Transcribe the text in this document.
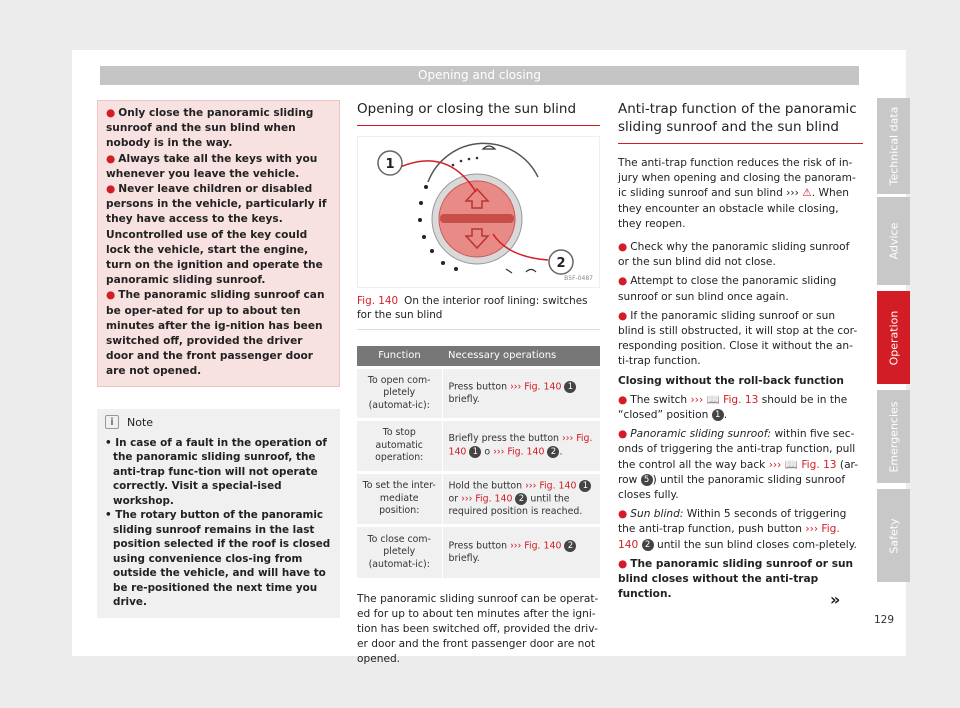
Opening and closing

● Only close the panoramic sliding sunroof and the sun blind when nobody is in the way.

● Always take all the keys with you whenever you leave the vehicle.

● Never leave children or disabled persons in the vehicle, particularly if they have access to the keys. Uncontrolled use of the key could lock the vehicle, start the engine, turn on the ignition and operate the panoramic sliding sunroof.

● The panoramic sliding sunroof can be oper-ated for up to about ten minutes after the ig-nition has been switched off, provided the driver door and the front passenger door are not opened.

i	Note

• In case of a fault in the operation of the panoramic sliding sunroof, the anti-trap func-tion will not operate correctly. Visit a special-ised workshop.

• The rotary button of the panoramic sliding sunroof remains in the last position selected if the roof is closed using convenience clos-ing from outside the vehicle, and will have to be re-positioned the next time you drive.

Opening or closing the sun blind
1
2
B5F-0487
Fig. 140 On the interior roof lining: switches for the sun blind
Function	Necessary operations
To open com-pletely (automat-ic):	Press button ››› Fig. 140 1 briefly.
To stop automatic operation:	Briefly press the button ››› Fig. 140 1 o ››› Fig. 140 2 .
To set the inter-mediate position:	Hold the button ››› Fig. 140 1 or ››› Fig. 140 2 until the required position is reached.
To close com-pletely (automat-ic):	Press button ››› Fig. 140 2 briefly.

The panoramic sliding sunroof can be operat-ed for up to about ten minutes after the igni-tion has been switched off, provided the driv-er door and the front passenger door are not opened.

Anti-trap function of the panoramic sliding sunroof and the sun blind

The anti-trap function reduces the risk of in-jury when opening and closing the panoram-ic sliding sunroof and sun blind ››› ⚠. When they encounter an obstacle while closing, they reopen.

● Check why the panoramic sliding sunroof or the sun blind did not close.

● Attempt to close the panoramic sliding sunroof or sun blind once again.

● If the panoramic sliding sunroof or sun blind is still obstructed, it will stop at the cor-responding position. Close it without the an-ti-trap function.

Closing without the roll-back function

● The switch ››› 📖 Fig. 13 should be in the “closed” position 1 .

● Panoramic sliding sunroof: within five sec-onds of triggering the anti-trap function, pull the control all the way back ››› 📖 Fig. 13 (ar-row 5 ) until the panoramic sliding sunroof closes fully.

● Sun blind: Within 5 seconds of triggering the anti-trap function, push button ››› Fig. 140 2 until the sun blind closes com-pletely.

● The panoramic sliding sunroof or sun blind closes without the anti-trap function.	»
Technical data
Advice
Operation
Emergencies
Safety
129
